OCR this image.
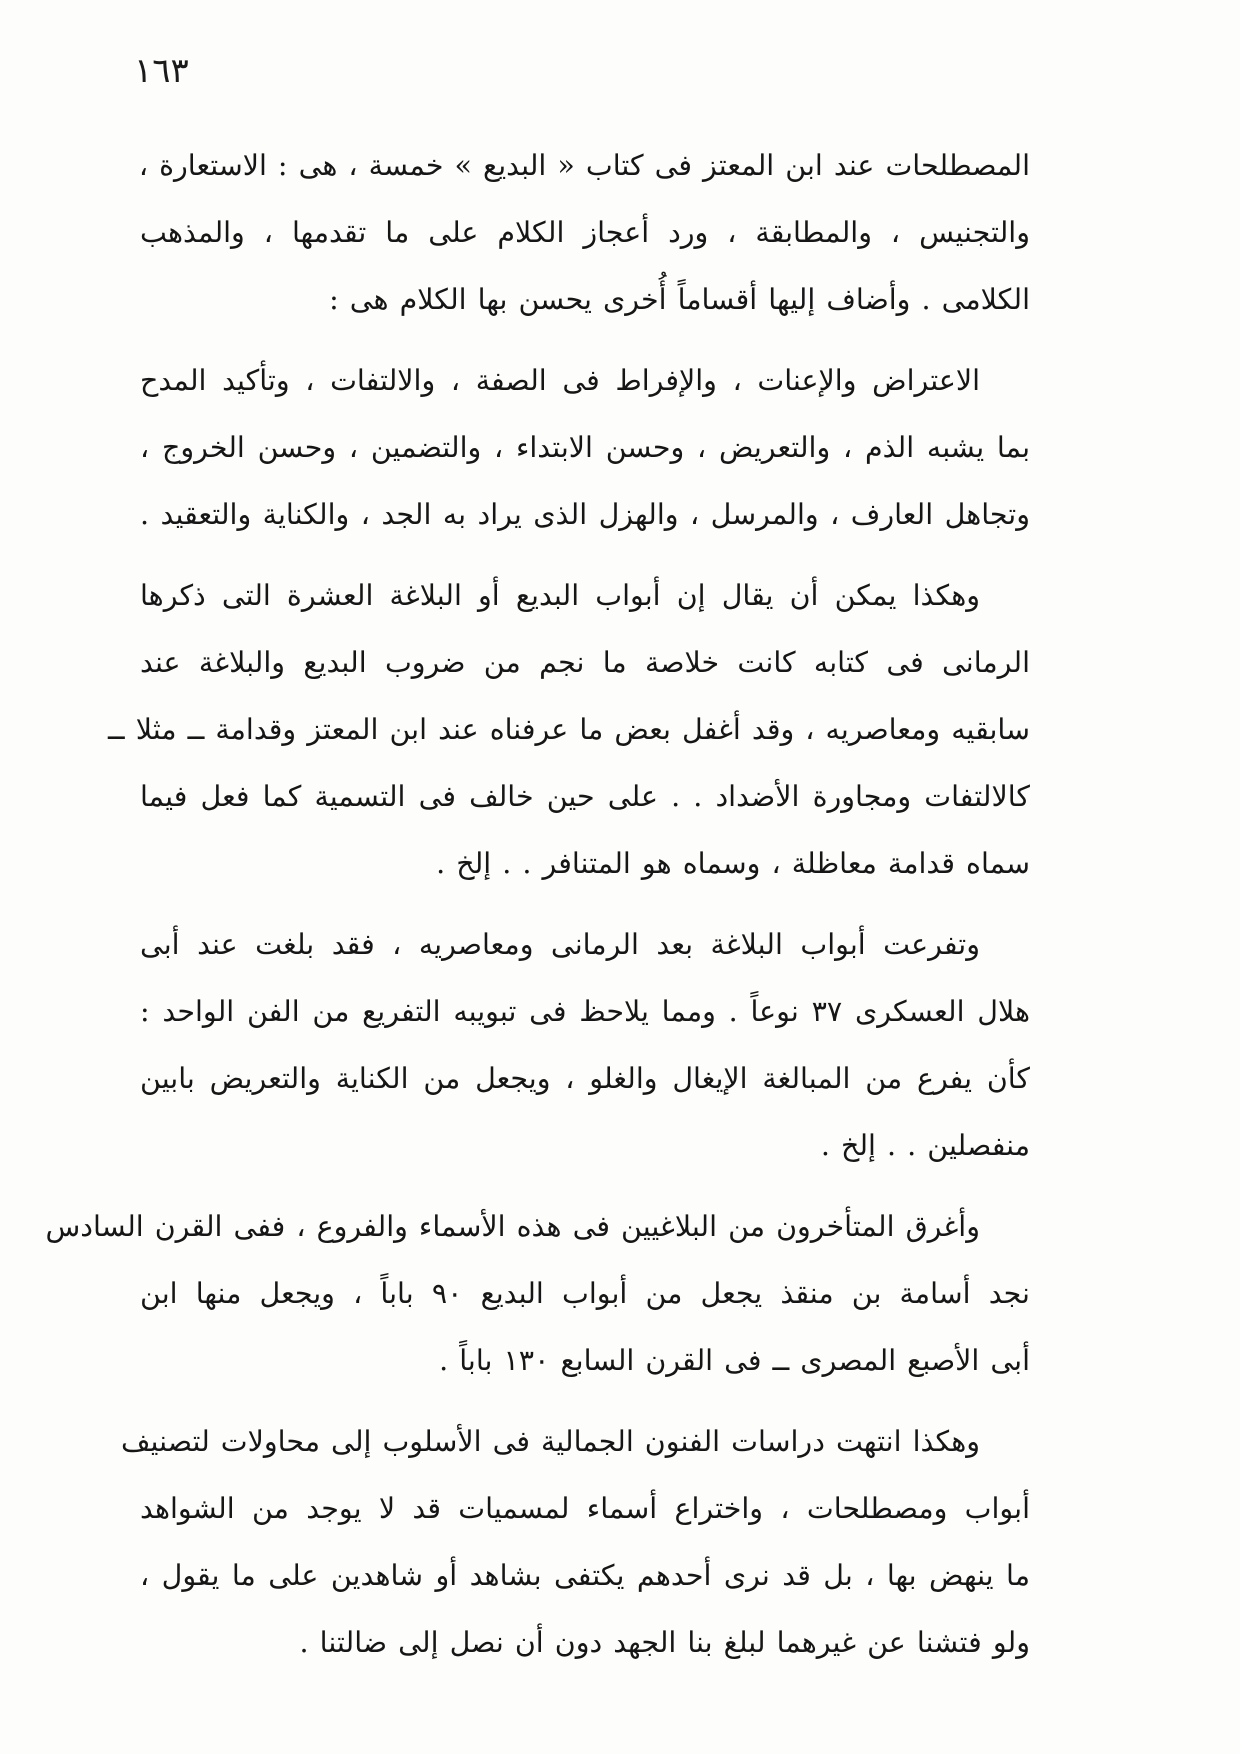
١٦٣

المصطلحات عند ابن المعتز فى كتاب « البديع » خمسة ، هى : الاستعارة ،
والتجنيس ، والمطابقة ، ورد أعجاز الكلام على ما تقدمها ، والمذهب
الكلامى . وأضاف إليها أقساماً أُخرى يحسن بها الكلام هى :

الاعتراض والإعنات ، والإفراط فى الصفة ، والالتفات ، وتأكيد المدح
بما يشبه الذم ، والتعريض ، وحسن الابتداء ، والتضمين ، وحسن الخروج ،
وتجاهل العارف ، والمرسل ، والهزل الذى يراد به الجد ، والكناية والتعقيد .

وهكذا يمكن أن يقال إن أبواب البديع أو البلاغة العشرة التى ذكرها
الرمانى فى كتابه كانت خلاصة ما نجم من ضروب البديع والبلاغة عند
سابقيه ومعاصريه ، وقد أغفل بعض ما عرفناه عند ابن المعتز وقدامة ــ مثلا ــ
كالالتفات ومجاورة الأضداد . . على حين خالف فى التسمية كما فعل فيما
سماه قدامة معاظلة ، وسماه هو المتنافر . . إلخ .

وتفرعت أبواب البلاغة بعد الرمانى ومعاصريه ، فقد بلغت عند أبى
هلال العسكرى ٣٧ نوعاً . ومما يلاحظ فى تبويبه التفريع من الفن الواحد :
كأن يفرع من المبالغة الإيغال والغلو ، ويجعل من الكناية والتعريض بابين
منفصلين . . إلخ .

وأغرق المتأخرون من البلاغيين فى هذه الأسماء والفروع ، ففى القرن السادس
نجد أسامة بن منقذ يجعل من أبواب البديع ٩٠ باباً ، ويجعل منها ابن
أبى الأصبع المصرى ــ فى القرن السابع ١٣٠ باباً .

وهكذا انتهت دراسات الفنون الجمالية فى الأسلوب إلى محاولات لتصنيف
أبواب ومصطلحات ، واختراع أسماء لمسميات قد لا يوجد من الشواهد
ما ينهض بها ، بل قد نرى أحدهم يكتفى بشاهد أو شاهدين على ما يقول ،
ولو فتشنا عن غيرهما لبلغ بنا الجهد دون أن نصل إلى ضالتنا .
